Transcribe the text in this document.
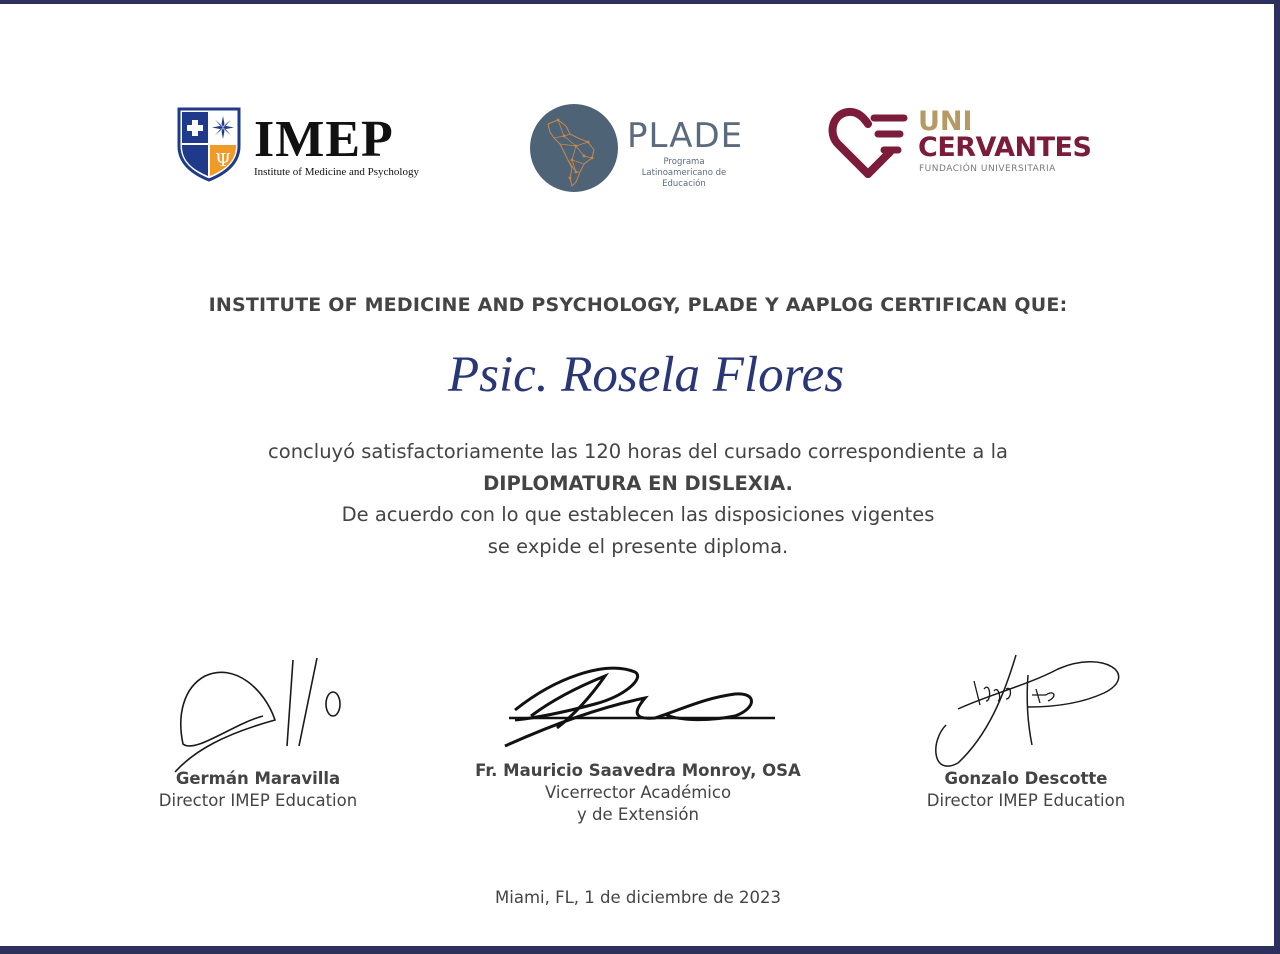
Ψ IMEP
Institute of Medicine and Psychology
PLADE
Programa Latinoamericano de Educación
UNI
CERVANTES
FUNDACIÓN UNIVERSITARIA
INSTITUTE OF MEDICINE AND PSYCHOLOGY, PLADE Y AAPLOG CERTIFICAN QUE:
Psic. Rosela Flores
concluyó satisfactoriamente las 120 horas del cursado correspondiente a la
DIPLOMATURA EN DISLEXIA.
De acuerdo con lo que establecen las disposiciones vigentes
se expide el presente diploma.
Germán Maravilla
Director IMEP Education
Fr. Mauricio Saavedra Monroy, OSA
Vicerrector Académico
y de Extensión
Gonzalo Descotte
Director IMEP Education
Miami, FL, 1 de diciembre de 2023
